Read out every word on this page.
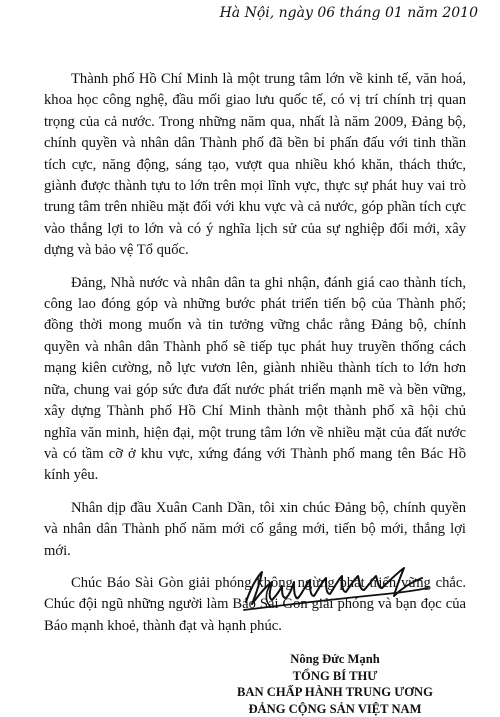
Hà Nội, ngày 06 tháng 01 năm 2010

Thành phố Hồ Chí Minh là một trung tâm lớn về kinh tế, văn hoá, khoa học công nghệ, đầu mối giao lưu quốc tế, có vị trí chính trị quan trọng của cả nước. Trong những năm qua, nhất là năm 2009, Đảng bộ, chính quyền và nhân dân Thành phố đã bền bỉ phấn đấu với tinh thần tích cực, năng động, sáng tạo, vượt qua nhiều khó khăn, thách thức, giành được thành tựu to lớn trên mọi lĩnh vực, thực sự phát huy vai trò trung tâm trên nhiều mặt đối với khu vực và cả nước, góp phần tích cực vào thắng lợi to lớn và có ý nghĩa lịch sử của sự nghiệp đổi mới, xây dựng và bảo vệ Tổ quốc.

Đảng, Nhà nước và nhân dân ta ghi nhận, đánh giá cao thành tích, công lao đóng góp và những bước phát triển tiến bộ của Thành phố; đồng thời mong muốn và tin tưởng vững chắc rằng Đảng bộ, chính quyền và nhân dân Thành phố sẽ tiếp tục phát huy truyền thống cách mạng kiên cường, nỗ lực vươn lên, giành nhiều thành tích to lớn hơn nữa, chung vai góp sức đưa đất nước phát triển mạnh mẽ và bền vững, xây dựng Thành phố Hồ Chí Minh thành một thành phố xã hội chủ nghĩa văn minh, hiện đại, một trung tâm lớn về nhiều mặt của đất nước và có tầm cỡ ở khu vực, xứng đáng với Thành phố mang tên Bác Hồ kính yêu.

Nhân dịp đầu Xuân Canh Dần, tôi xin chúc Đảng bộ, chính quyền và nhân dân Thành phố năm mới cố gắng mới, tiến bộ mới, thắng lợi mới.

Chúc Báo Sài Gòn giải phóng không ngừng phát triển vững chắc. Chúc đội ngũ những người làm Báo Sài Gòn giải phóng và bạn đọc của Báo mạnh khoẻ, thành đạt và hạnh phúc.

Nông Đức Mạnh
TỔNG BÍ THƯ
BAN CHẤP HÀNH TRUNG ƯƠNG
ĐẢNG CỘNG SẢN VIỆT NAM
